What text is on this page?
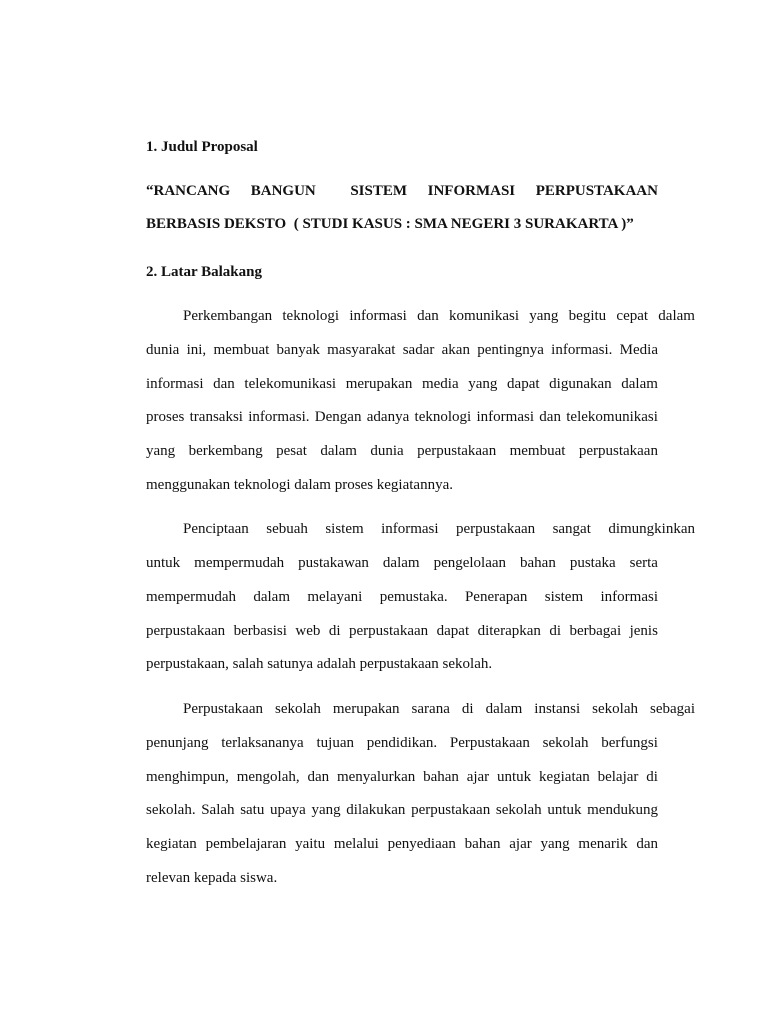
1. Judul Proposal
“RANCANG BANGUN SISTEM INFORMASI PERPUSTAKAAN
BERBASIS DEKSTO  ( STUDI KASUS : SMA NEGERI 3 SURAKARTA )”
2. Latar Balakang
Perkembangan teknologi informasi dan komunikasi yang begitu cepat dalam
dunia ini, membuat banyak masyarakat sadar akan pentingnya informasi. Media
informasi dan telekomunikasi merupakan media yang dapat digunakan dalam
proses transaksi informasi. Dengan adanya teknologi informasi dan telekomunikasi
yang berkembang pesat dalam dunia perpustakaan membuat perpustakaan
menggunakan teknologi dalam proses kegiatannya.
Penciptaan sebuah sistem informasi perpustakaan sangat dimungkinkan
untuk mempermudah pustakawan dalam pengelolaan bahan pustaka serta
mempermudah dalam melayani pemustaka. Penerapan sistem informasi
perpustakaan berbasisi web di perpustakaan dapat diterapkan di berbagai jenis
perpustakaan, salah satunya adalah perpustakaan sekolah.
Perpustakaan sekolah merupakan sarana di dalam instansi sekolah sebagai
penunjang terlaksananya tujuan pendidikan. Perpustakaan sekolah berfungsi
menghimpun, mengolah, dan menyalurkan bahan ajar untuk kegiatan belajar di
sekolah. Salah satu upaya yang dilakukan perpustakaan sekolah untuk mendukung
kegiatan pembelajaran yaitu melalui penyediaan bahan ajar yang menarik dan
relevan kepada siswa.
